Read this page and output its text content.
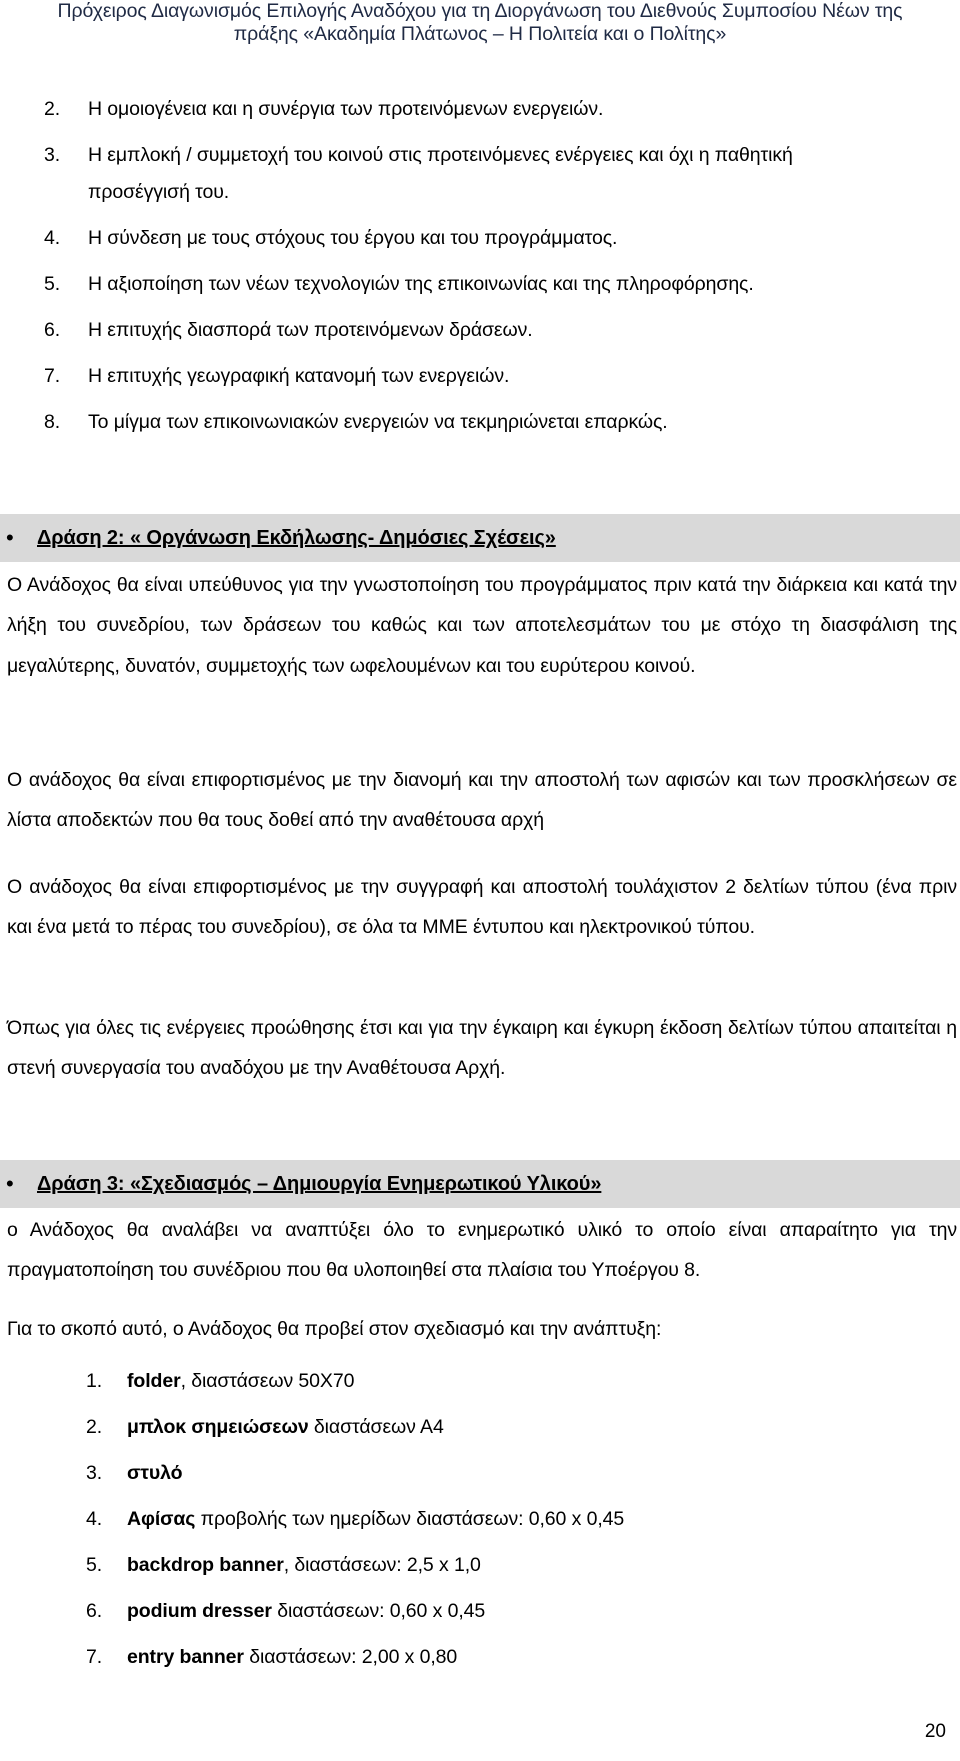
Πρόχειρος Διαγωνισμός Επιλογής Αναδόχου για τη Διοργάνωση του Διεθνούς Συμποσίου Νέων της
πράξης «Ακαδημία Πλάτωνος – Η Πολιτεία και ο Πολίτης»
2. Η ομοιογένεια και η συνέργια των προτεινόμενων ενεργειών.
3. Η εμπλοκή / συμμετοχή του κοινού στις προτεινόμενες ενέργειες και όχι η παθητική
προσέγγισή του.
4. Η σύνδεση με τους στόχους του έργου και του προγράμματος.
5. Η αξιοποίηση των νέων τεχνολογιών της επικοινωνίας και της πληροφόρησης.
6. Η επιτυχής διασπορά των προτεινόμενων δράσεων.
7. Η επιτυχής γεωγραφική κατανομή των ενεργειών.
8. Το μίγμα των επικοινωνιακών ενεργειών να τεκμηριώνεται επαρκώς.
• Δράση 2: « Οργάνωση Εκδήλωσης- Δημόσιες Σχέσεις»

Ο Ανάδοχος θα είναι υπεύθυνος για την γνωστοποίηση του προγράμματος πριν κατά την διάρκεια και κατά την λήξη του συνεδρίου, των δράσεων του καθώς και των αποτελεσμάτων του με στόχο τη διασφάλιση της μεγαλύτερης, δυνατόν, συμμετοχής των ωφελουμένων και του ευρύτερου κοινού.

Ο ανάδοχος θα είναι επιφορτισμένος με την διανομή και την αποστολή των αφισών και των προσκλήσεων σε λίστα αποδεκτών που θα τους δοθεί από την αναθέτουσα αρχή

Ο ανάδοχος θα είναι επιφορτισμένος με την συγγραφή και αποστολή τουλάχιστον 2 δελτίων τύπου (ένα πριν και ένα μετά το πέρας του συνεδρίου), σε όλα τα ΜΜΕ έντυπου και ηλεκτρονικού τύπου.

Όπως για όλες τις ενέργειες προώθησης έτσι και για την έγκαιρη και έγκυρη έκδοση δελτίων τύπου απαιτείται η στενή συνεργασία του αναδόχου με την Αναθέτουσα Αρχή.

• Δράση 3: «Σχεδιασμός – Δημιουργία Ενημερωτικού Υλικού»

ο Ανάδοχος θα αναλάβει να αναπτύξει όλο το ενημερωτικό υλικό το οποίο είναι απαραίτητο για την πραγματοποίηση του συνέδριου που θα υλοποιηθεί στα πλαίσια του Υποέργου 8.

Για το σκοπό αυτό, ο Ανάδοχος θα προβεί στον σχεδιασμό και την ανάπτυξη:

1. folder, διαστάσεων 50Χ70
2. μπλοκ σημειώσεων διαστάσεων Α4
3. στυλό
4. Αφίσας προβολής των ημερίδων διαστάσεων: 0,60 x 0,45
5. backdrop banner, διαστάσεων: 2,5 x 1,0
6. podium dresser διαστάσεων: 0,60 x 0,45
7. entry banner διαστάσεων: 2,00 x 0,80
20
